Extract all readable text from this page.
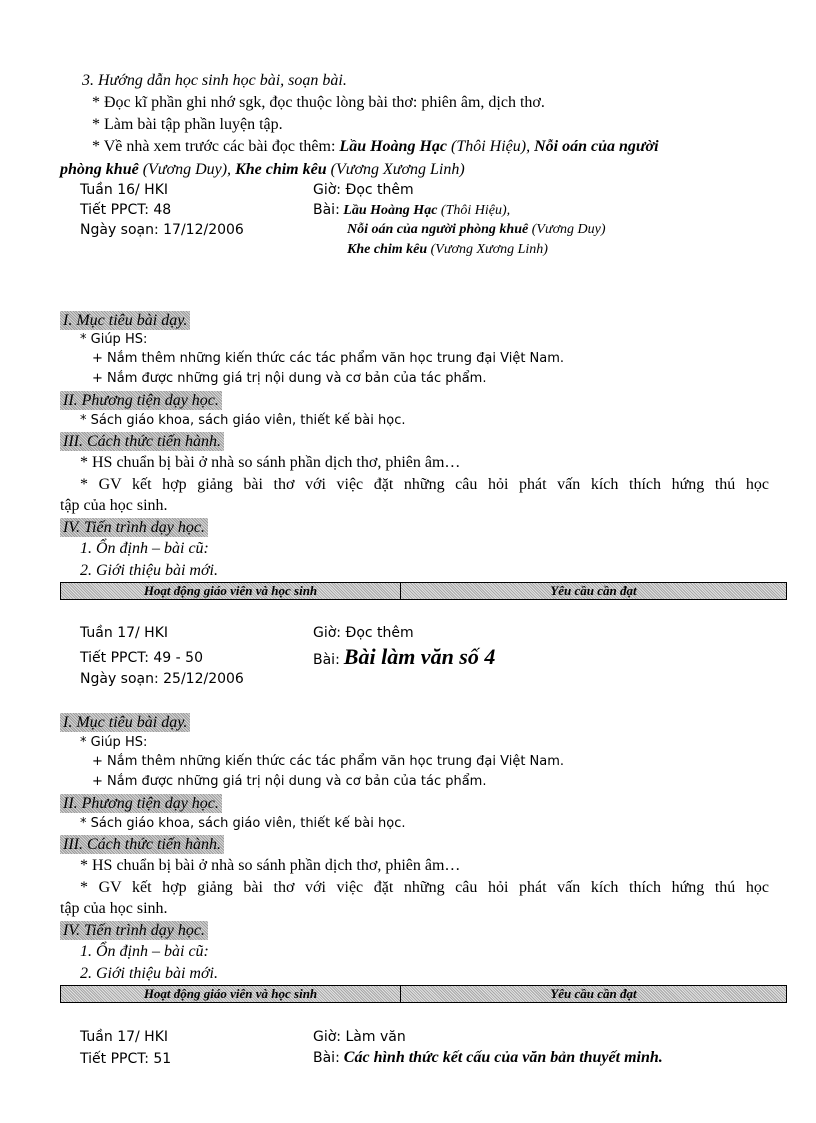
3. Hướng dẫn học sinh học bài, soạn bài.
* Đọc kĩ phần ghi nhớ sgk, đọc thuộc lòng bài thơ: phiên âm, dịch thơ.
* Làm bài tập phần luyện tập.
* Về nhà xem trước các bài đọc thêm: Lầu Hoàng Hạc (Thôi Hiệu), Nỗi oán của người
phòng khuê (Vương Duy), Khe chim kêu (Vương Xương Linh)
Tuần 16/ HKI
Tiết PPCT: 48
Ngày soạn: 17/12/2006
Giờ: Đọc thêm
Bài: Lầu Hoàng Hạc (Thôi Hiệu),
Nỗi oán của người phòng khuê (Vương Duy)
Khe chim kêu (Vương Xương Linh)
I. Mục tiêu bài dạy.
* Giúp HS:
+ Nắm thêm những kiến thức các tác phẩm văn học trung đại Việt Nam.
+ Nắm được những giá trị nội dung và cơ bản của tác phẩm.
II. Phương tiện dạy học.
* Sách giáo khoa, sách giáo viên, thiết kế bài học.
III. Cách thức tiến hành.
* HS chuẩn bị bài ở nhà so sánh phần dịch thơ, phiên âm…
* GV kết hợp giảng bài thơ với việc đặt những câu hỏi phát vấn kích thích hứng thú học
tập của học sinh.
IV. Tiến trình dạy học.
1. Ổn định – bài cũ:
2. Giới thiệu bài mới.
Hoạt động giáo viên và học sinh	Yêu cầu cần đạt
Tuần 17/ HKI
Tiết PPCT: 49 - 50
Ngày soạn: 25/12/2006
Giờ: Đọc thêm
Bài: Bài làm văn số 4
I. Mục tiêu bài dạy.
* Giúp HS:
+ Nắm thêm những kiến thức các tác phẩm văn học trung đại Việt Nam.
+ Nắm được những giá trị nội dung và cơ bản của tác phẩm.
II. Phương tiện dạy học.
* Sách giáo khoa, sách giáo viên, thiết kế bài học.
III. Cách thức tiến hành.
* HS chuẩn bị bài ở nhà so sánh phần dịch thơ, phiên âm…
* GV kết hợp giảng bài thơ với việc đặt những câu hỏi phát vấn kích thích hứng thú học
tập của học sinh.
IV. Tiến trình dạy học.
1. Ổn định – bài cũ:
2. Giới thiệu bài mới.
Hoạt động giáo viên và học sinh	Yêu cầu cần đạt
Tuần 17/ HKI
Tiết PPCT: 51
Giờ: Làm văn
Bài: Các hình thức kết cấu của văn bản thuyết minh.
